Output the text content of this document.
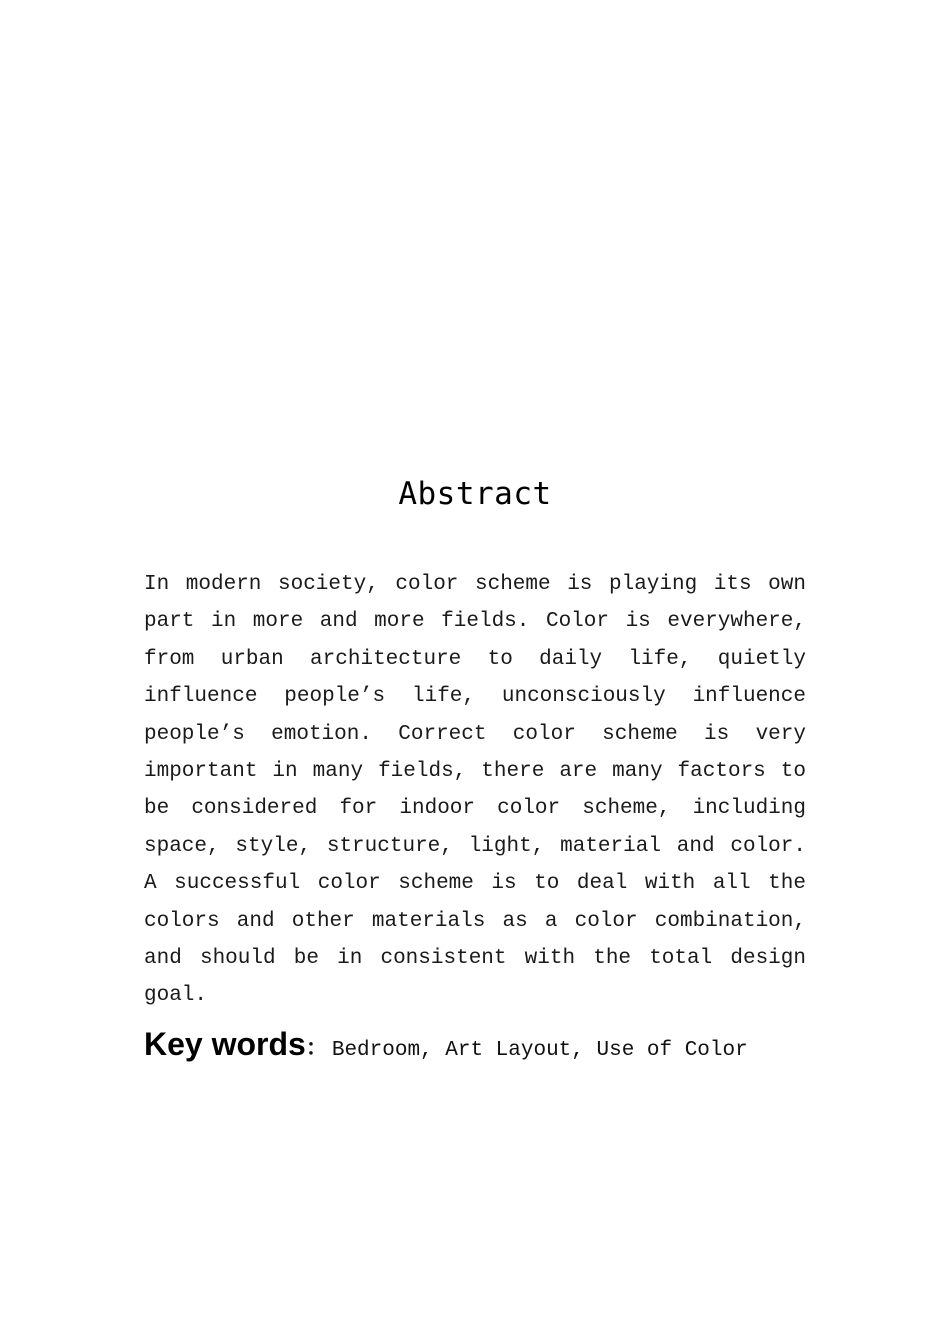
Abstract

In modern society, color scheme is playing its own part in more and more fields. Color is everywhere, from urban architecture to daily life, quietly influence people’s life, unconsciously influence people’s emotion. Correct color scheme is very important in many fields, there are many factors to be considered for indoor color scheme, including space, style, structure, light, material and color. A successful color scheme is to deal with all the colors and other materials as a color combination, and should be in consistent with the total design goal.

Key words： Bedroom, Art Layout, Use of Color
